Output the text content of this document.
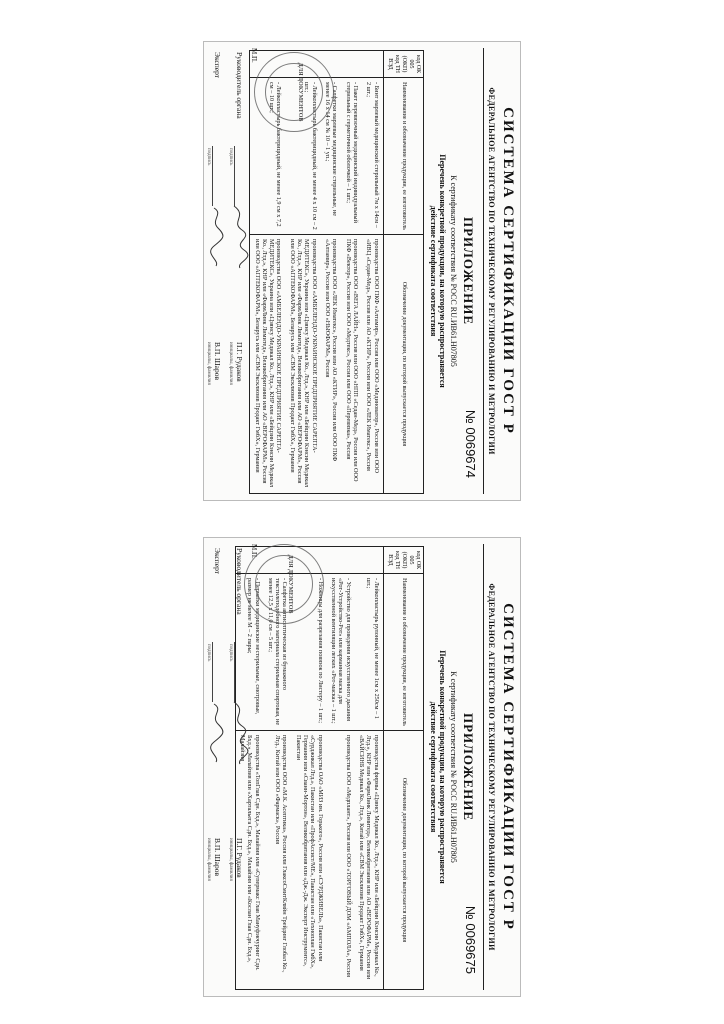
СИСТЕМА СЕРТИФИКАЦИИ ГОСТ Р
ФЕДЕРАЛЬНОЕ АГЕНТСТВО ПО ТЕХНИЧЕСКОМУ РЕГУЛИРОВАНИЮ И МЕТРОЛОГИИ
№ 0069674
ПРИЛОЖЕНИЕ
К сертификату соответствия № РОСС RU.ИВ61.Н07805
Перечень конкретной продукции, на которую распространяется
действие сертификата соответствия
код ОК 005 (ОКП) код ТН ВЭД	Наименование и обозначение продукции, ее изготовитель	Обозначение документации, по которой выпускается продукция
	- Бинт марлевый медицинский стерильный 7м х 14см – 2 шт.;	производства ООО ПКФ «Алтамир», Россия или ООО «Мединоватор», Россия или ООО «ИВЦ «Седан-Мед», Россия или АО «КТИР», Россия или ООО «ЛЕК Иматекс», Россия
	- Пакет перевязочный медицинский индивидуальный стерильный с герметичной оболочкой – 1 шт.;	производства ООО «ВЕГА ЛАЙН», Россия или ООО «НПП «Седан-Мед», Россия или ООО ПКФ «Вектор», Россия или ООО «Медтекс», Россия или ООО «Перевязка», Россия
	- Салфетки марлевые медицинские стерильные, не менее 16 х 14 см № 10 – 1 уп.;	производства ООО «ЛЕК Иматекс», Россия или АО «КТИР», Россия или ООО ПКФ «Алтамир», Россия или ООО «НЬЮФАРМ», Россия
	- Лейкопластырь бактерицидный, не менее 4 х 10 см – 2 шт.;	производства ООО «АМБЕЛЕНДО-УКРАИНСКОЕ ПРЕДПРИЯТИЕ САРЕПТА-МЕДИТЕКС», Украина или «Цзянсу Медикал Ко., Лтд.», КНР или «Бейцзин Кэнсин Медикал Ко., Лтд.», КНР или «ФармЛинк Лимитед», Великобритания или АО «ВЕРОФАРМ», Россия или ООО «АПТЕКОФАРМ», Беларусь или «СВМ Эксклюзив Продакт ГмбХ», Германия
	- Лейкопластырь бактерицидный, не менее 1,9 см х 7,2 см – 10 шт.;	производства ООО «АМБЕЛЕНДО-УКРАИНСКОЕ ПРЕДПРИЯТИЕ САРЕПТА-МЕДИТЕКС», Украина или «Цзянсу Медикал Ко., Лтд.», КНР или «Бейцзин Кэнсин Медикал Ко., Лтд.», КНР или «ФармЛинк Лимитед», Великобритания или АО «ВЕРОФАРМ», Россия или ООО «АПТЕКОФАРМ», Беларусь или «СВМ Эксклюзив Продакт ГмбХ», Германия
М.П.
Руководитель органа
подпись
П.Г. Рудаков
инициалы, фамилия
Эксперт
подпись
В.П. Шаров
инициалы, фамилия
ДЛЯ ДОКУМЕНТОВ
СИСТЕМА СЕРТИФИКАЦИИ ГОСТ Р
ФЕДЕРАЛЬНОЕ АГЕНТСТВО ПО ТЕХНИЧЕСКОМУ РЕГУЛИРОВАНИЮ И МЕТРОЛОГИИ
№ 0069675
ПРИЛОЖЕНИЕ
К сертификату соответствия № РОСС RU.ИВ61.Н07805
Перечень конкретной продукции, на которую распространяется
действие сертификата соответствия
код ОК 005 (ОКП) код ТН ВЭД	Наименование и обозначение продукции, ее изготовитель	Обозначение документации, по которой выпускается продукция
	- Лейкопластырь рулонный, не менее 1см х 250см – 1 шт.;	производства фирмы «Цзянсу Медикал Ко., Лтд.», КНР или «Бейцзин Кэнсин Медикал Ко., Лтд.», КНР или «ФармЛинк Лимитед», Великобритания или АО «ВЕРОФАРМ», Россия или «ВАЙСИНБ Медикал Ко., Лтд.», Китай или «СВМ Эксклюзив Продакт ГмбХ», Германия
	- Устройство для проведения искусственного дыхания «Рот-Устройство-Рот» или карманная маска для искусственной вентиляции легких «Рот-маска» – 1 шт.;	производства ООО «Медплант», Россия или ООО «ТОРГОВЫЙ ДОМ «АМПОЛА», Россия
	- Ножницы для разрезания повязок по Листеру – 1 шт.;	производства ОАО «МИЗ им. Горького», Россия или «СУРДЖИВЕЛЬ», Пакистан или «Сурджикал Лтд.», Пакистан или «ПрофАссист/МЕ», Пакистан или «Техноплан ГмбХ», Германия или «Сванн-Мортон», Великобритания или «Дж.-Дж. Эксперт Инструментс», Пакистан
	- Салфетка антисептическая из бумажного текстилеподобного материала стерильная спиртовая, не менее 12,5 х 11,0 см – 5 шт.;	производства ООО «М.К. Асептика», Россия или ГлаксоСмитКляйн Трейдинг Глобал Ко., Лтд., Китай или ООО «Фармаск», Россия
	- Перчатки медицинские нестерильные, смотровые, размер не менее М – 2 пары;	производства «ТопГлав Сдн. Бхд.», Малайзия или «Супермакс Глав Мануфэкчуринг Сдн. Бхд.», Малайзия или «Хартальега Сдн. Бхд.», Малайзия или «Кослан Глав Сдн. Бхд.», Малайзия
М.П.
Руководитель органа
подпись
П.Г. Рудаков
инициалы, фамилия
Эксперт
подпись
В.П. Шаров
инициалы, фамилия
ДЛЯ ДОКУМЕНТОВ
